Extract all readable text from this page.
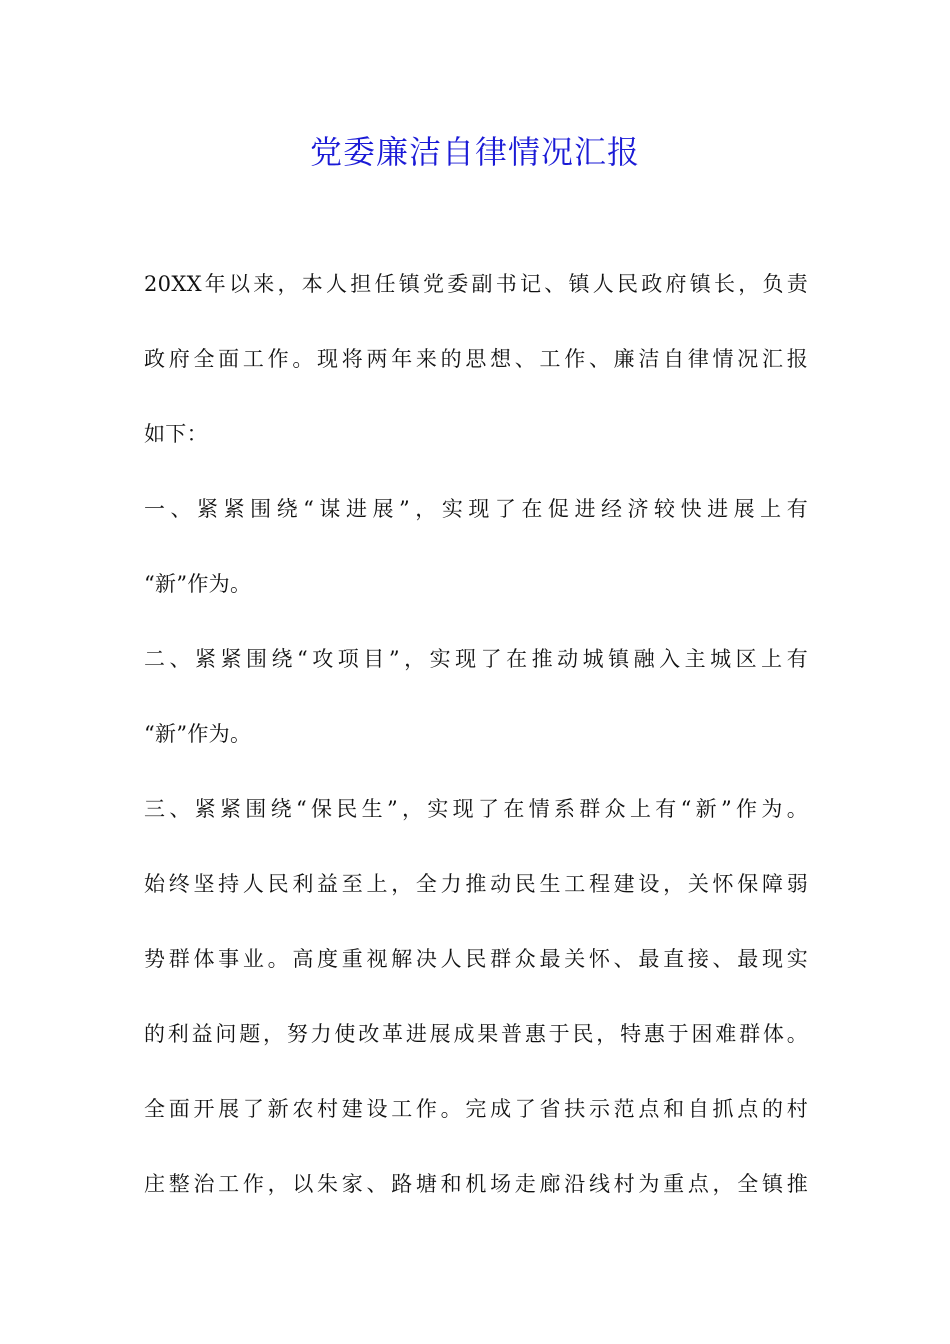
党委廉洁自律情况汇报
20XX年以来，本人担任镇党委副书记、镇人民政府镇长，负责
政府全面工作。现将两年来的思想、工作、廉洁自律情况汇报
如下：
一、紧紧围绕“谋进展”，实现了在促进经济较快进展上有
“新”作为。
二、紧紧围绕“攻项目”，实现了在推动城镇融入主城区上有
“新”作为。
三、紧紧围绕“保民生”，实现了在情系群众上有“新”作为。
始终坚持人民利益至上，全力推动民生工程建设，关怀保障弱
势群体事业。高度重视解决人民群众最关怀、最直接、最现实
的利益问题，努力使改革进展成果普惠于民，特惠于困难群体。
全面开展了新农村建设工作。完成了省扶示范点和自抓点的村
庄整治工作，以朱家、路塘和机场走廊沿线村为重点，全镇推
